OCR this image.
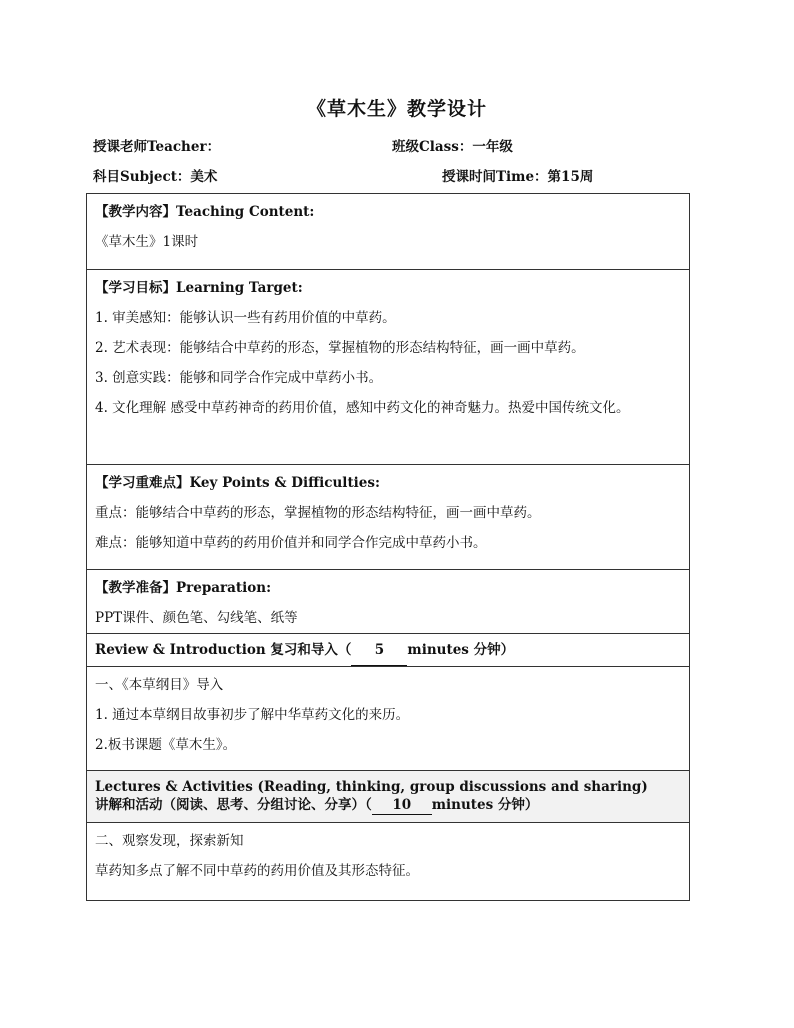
《草木生》教学设计
授课老师Teacher：	班级Class：一年级
科目Subject：美术	授课时间Time：第15周
【教学内容】Teaching Content:
《草木生》1课时

【学习目标】Learning Target:
1. 审美感知：能够认识一些有药用价值的中草药。
2. 艺术表现：能够结合中草药的形态，掌握植物的形态结构特征，画一画中草药。
3. 创意实践：能够和同学合作完成中草药小书。
4. 文化理解 感受中草药神奇的药用价值，感知中药文化的神奇魅力。热爱中国传统文化。

【学习重难点】Key Points & Difficulties:
重点：能够结合中草药的形态，掌握植物的形态结构特征，画一画中草药。
难点：能够知道中草药的药用价值并和同学合作完成中草药小书。

【教学准备】Preparation:
PPT课件、颜色笔、勾线笔、纸等

Review & Introduction 复习和导入（ 5 minutes 分钟）

一、《本草纲目》导入
1. 通过本草纲目故事初步了解中华草药文化的来历。
2.板书课题《草木生》。

Lectures & Activities (Reading, thinking, group discussions and sharing)
讲解和活动（阅读、思考、分组讨论、分享）（ 10 minutes 分钟）

二、观察发现，探索新知
草药知多点了解不同中草药的药用价值及其形态特征。
